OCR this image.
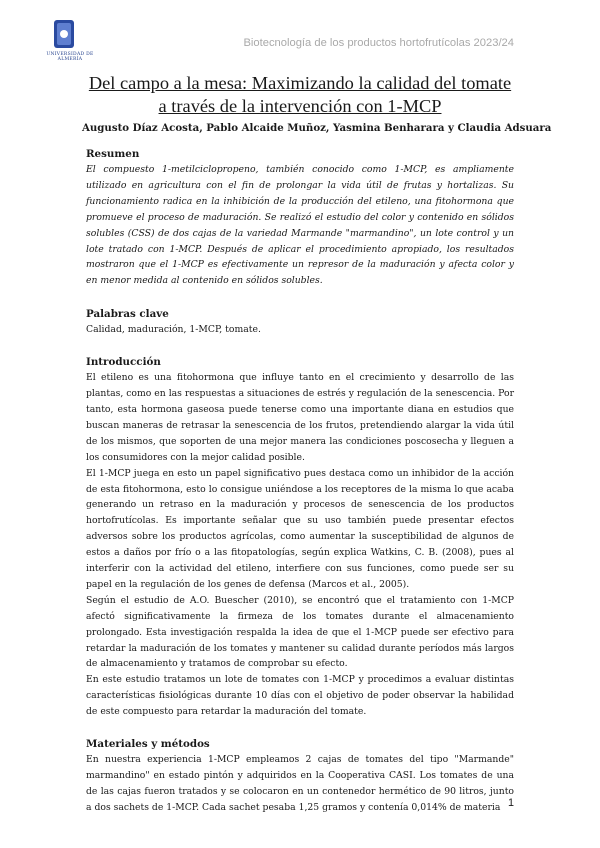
UNIVERSIDAD DE ALMERÍA
Biotecnología de los productos hortofrutícolas 2023/24
Del campo a la mesa: Maximizando la calidad del tomate a través de la intervención con 1-MCP
Augusto Díaz Acosta, Pablo Alcaide Muñoz, Yasmina Benharara y Claudia Adsuara
Resumen

El compuesto 1-metilciclopropeno, también conocido como 1-MCP, es ampliamente utilizado en agricultura con el fin de prolongar la vida útil de frutas y hortalizas. Su funcionamiento radica en la inhibición de la producción del etileno, una fitohormona que promueve el proceso de maduración. Se realizó el estudio del color y contenido en sólidos solubles (CSS) de dos cajas de la variedad Marmande "marmandino", un lote control y un lote tratado con 1-MCP. Después de aplicar el procedimiento apropiado, los resultados mostraron que el 1-MCP es efectivamente un represor de la maduración y afecta color y en menor medida al contenido en sólidos solubles.

Palabras clave

Calidad, maduración, 1-MCP, tomate.

Introducción

El etileno es una fitohormona que influye tanto en el crecimiento y desarrollo de las plantas, como en las respuestas a situaciones de estrés y regulación de la senescencia. Por tanto, esta hormona gaseosa puede tenerse como una importante diana en estudios que buscan maneras de retrasar la senescencia de los frutos, pretendiendo alargar la vida útil de los mismos, que soporten de una mejor manera las condiciones poscosecha y lleguen a los consumidores con la mejor calidad posible.

El 1-MCP juega en esto un papel significativo pues destaca como un inhibidor de la acción de esta fitohormona, esto lo consigue uniéndose a los receptores de la misma lo que acaba generando un retraso en la maduración y procesos de senescencia de los productos hortofrutícolas. Es importante señalar que su uso también puede presentar efectos adversos sobre los productos agrícolas, como aumentar la susceptibilidad de algunos de estos a daños por frío o a las fitopatologías, según explica Watkins, C. B. (2008), pues al interferir con la actividad del etileno, interfiere con sus funciones, como puede ser su papel en la regulación de los genes de defensa (Marcos et al., 2005).

Según el estudio de A.O. Buescher (2010), se encontró que el tratamiento con 1-MCP afectó significativamente la firmeza de los tomates durante el almacenamiento prolongado. Esta investigación respalda la idea de que el 1-MCP puede ser efectivo para retardar la maduración de los tomates y mantener su calidad durante períodos más largos de almacenamiento y tratamos de comprobar su efecto.

En este estudio tratamos un lote de tomates con 1-MCP y procedimos a evaluar distintas características fisiológicas durante 10 días con el objetivo de poder observar la habilidad de este compuesto para retardar la maduración del tomate.

Materiales y métodos

En nuestra experiencia 1-MCP empleamos 2 cajas de tomates del tipo "Marmande" marmandino" en estado pintón y adquiridos en la Cooperativa CASI. Los tomates de una de las cajas fueron tratados y se colocaron en un contenedor hermético de 90 litros, junto a dos sachets de 1-MCP. Cada sachet pesaba 1,25 gramos y contenía 0,014% de materia 1
